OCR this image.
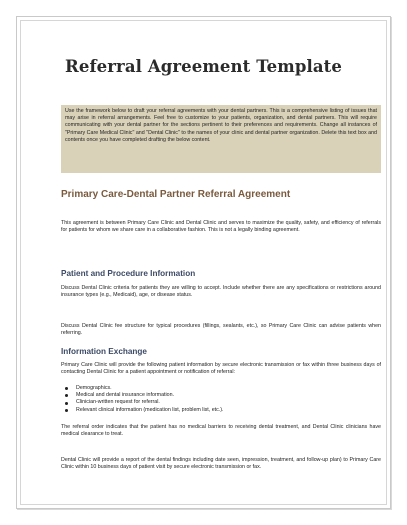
Referral Agreement Template
Use the framework below to draft your referral agreements with your dental partners. This is a comprehensive listing of issues that may arise in referral arrangements. Feel free to customize to your patients, organization, and dental partners. This will require communicating with your dental partner for the sections pertinent to their preferences and requirements. Change all instances of "Primary Care Medical Clinic" and "Dental Clinic" to the names of your clinic and dental partner organization. Delete this text box and contents once you have completed drafting the below content.
Primary Care-Dental Partner Referral Agreement
This agreement is between Primary Care Clinic and Dental Clinic and serves to maximize the quality, safety, and efficiency of referrals for patients for whom we share care in a collaborative fashion. This is not a legally binding agreement.
Patient and Procedure Information
Discuss Dental Clinic criteria for patients they are willing to accept. Include whether there are any specifications or restrictions around insurance types (e.g., Medicaid), age, or disease status.
Discuss Dental Clinic fee structure for typical procedures (fillings, sealants, etc.), so Primary Care Clinic can advise patients when referring.
Information Exchange
Primary Care Clinic will provide the following patient information by secure electronic transmission or fax within three business days of contacting Dental Clinic for a patient appointment or notification of referral:
Demographics.
Medical and dental insurance information.
Clinician-written request for referral.
Relevant clinical information (medication list, problem list, etc.).
The referral order indicates that the patient has no medical barriers to receiving dental treatment, and Dental Clinic clinicians have medical clearance to treat.
Dental Clinic will provide a report of the dental findings including date seen, impression, treatment, and follow-up plan) to Primary Care Clinic within 10 business days of patient visit by secure electronic transmission or fax.
